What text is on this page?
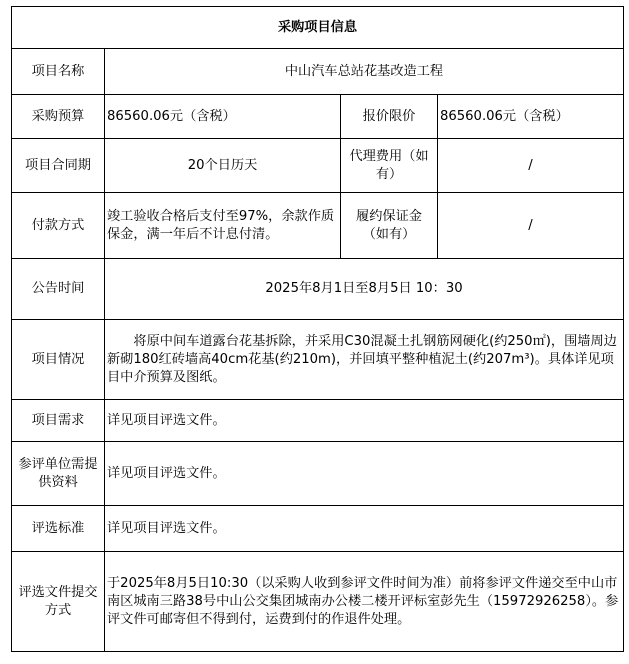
采购项目信息			
项目名称	中山汽车总站花基改造工程		
采购预算	86560.06元（含税）	报价限价	86560.06元（含税）
项目合同期	20个日历天	代理费用（如有）	/
付款方式	竣工验收合格后支付至97%，余款作质保金，满一年后不计息付清。	履约保证金（如有）	/
公告时间	2025年8月1日至8月5日 10：30		
项目情况	将原中间车道露台花基拆除，并采用C30混凝土扎钢筋网硬化(约250㎡)，围墙周边新砌180红砖墙高40cm花基(约210m)，并回填平整种植泥土(约207m³)。具体详见项目中介预算及图纸。		
项目需求	详见项目评选文件。		
参评单位需提供资料	详见项目评选文件。		
评选标准	详见项目评选文件。		
评选文件提交方式	于2025年8月5日10:30（以采购人收到参评文件时间为准）前将参评文件递交至中山市南区城南三路38号中山公交集团城南办公楼二楼开评标室彭先生（15972926258）。参评文件可邮寄但不得到付，运费到付的作退件处理。		
